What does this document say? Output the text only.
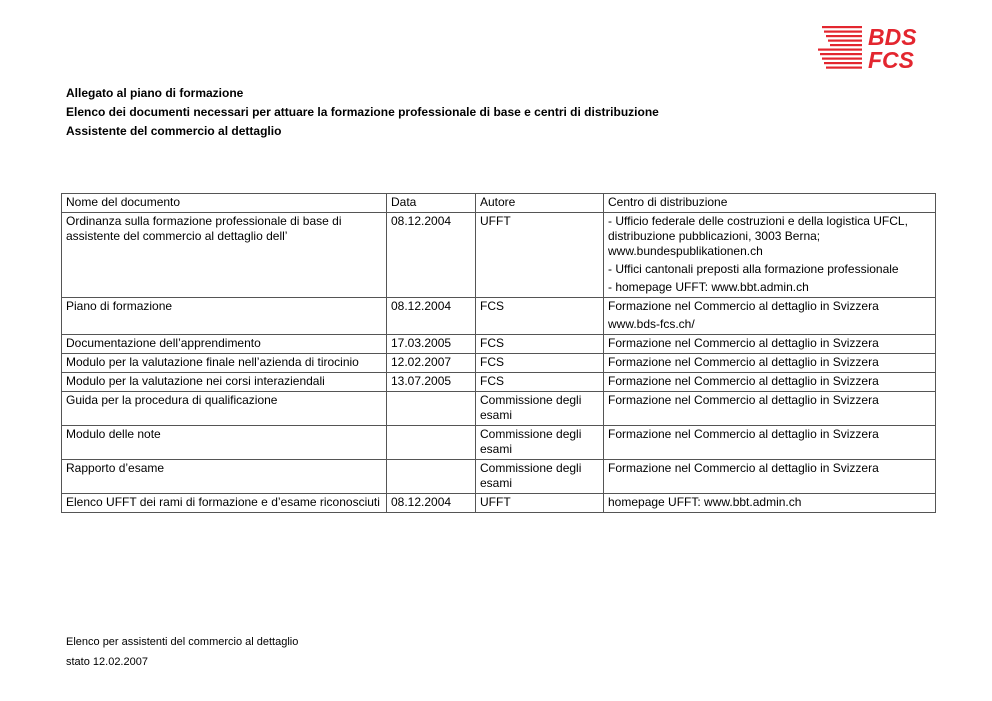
BDS
FCS
Allegato al piano di formazione
Elenco dei documenti necessari per attuare la formazione professionale di base e centri di distribuzione
Assistente del commercio al dettaglio
Nome del documento	Data	Autore	Centro di distribuzione
Ordinanza sulla formazione professionale di base di assistente del commercio al dettaglio dell’	08.12.2004	UFFT	- Ufficio federale delle costruzioni e della logistica UFCL, distribuzione pubblicazioni, 3003 Berna; www.bundespublikationen.ch
- Uffici cantonali preposti alla formazione professionale
- homepage UFFT: www.bbt.admin.ch

Piano di formazione	08.12.2004	FCS	Formazione nel Commercio al dettaglio in Svizzera
www.bds-fcs.ch/

Documentazione dell’apprendimento	17.03.2005	FCS	Formazione nel Commercio al dettaglio in Svizzera

Modulo per la valutazione finale nell’azienda di tirocinio	12.02.2007	FCS	Formazione nel Commercio al dettaglio in Svizzera

Modulo per la valutazione nei corsi interaziendali	13.07.2005	FCS	Formazione nel Commercio al dettaglio in Svizzera

Guida per la procedura di qualificazione		Commissione degli esami	Formazione nel Commercio al dettaglio in Svizzera

Modulo delle note		Commissione degli esami	Formazione nel Commercio al dettaglio in Svizzera

Rapporto d’esame		Commissione degli esami	Formazione nel Commercio al dettaglio in Svizzera

Elenco UFFT dei rami di formazione e d’esame riconosciuti	08.12.2004	UFFT	homepage UFFT: www.bbt.admin.ch
Elenco per assistenti del commercio al dettaglio
stato 12.02.2007
